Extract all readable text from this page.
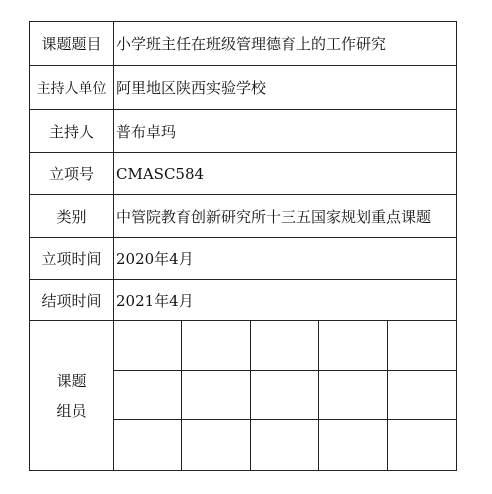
课题题目 小学班主任在班级管理德育上的工作研究
主持人单位 阿里地区陕西实验学校
主持人	普布卓玛
立项号	CMASC584
类别	中管院教育创新研究所十三五国家规划重点课题
立项时间 2020年4月
结项时间 2021年4月
课题
组员
